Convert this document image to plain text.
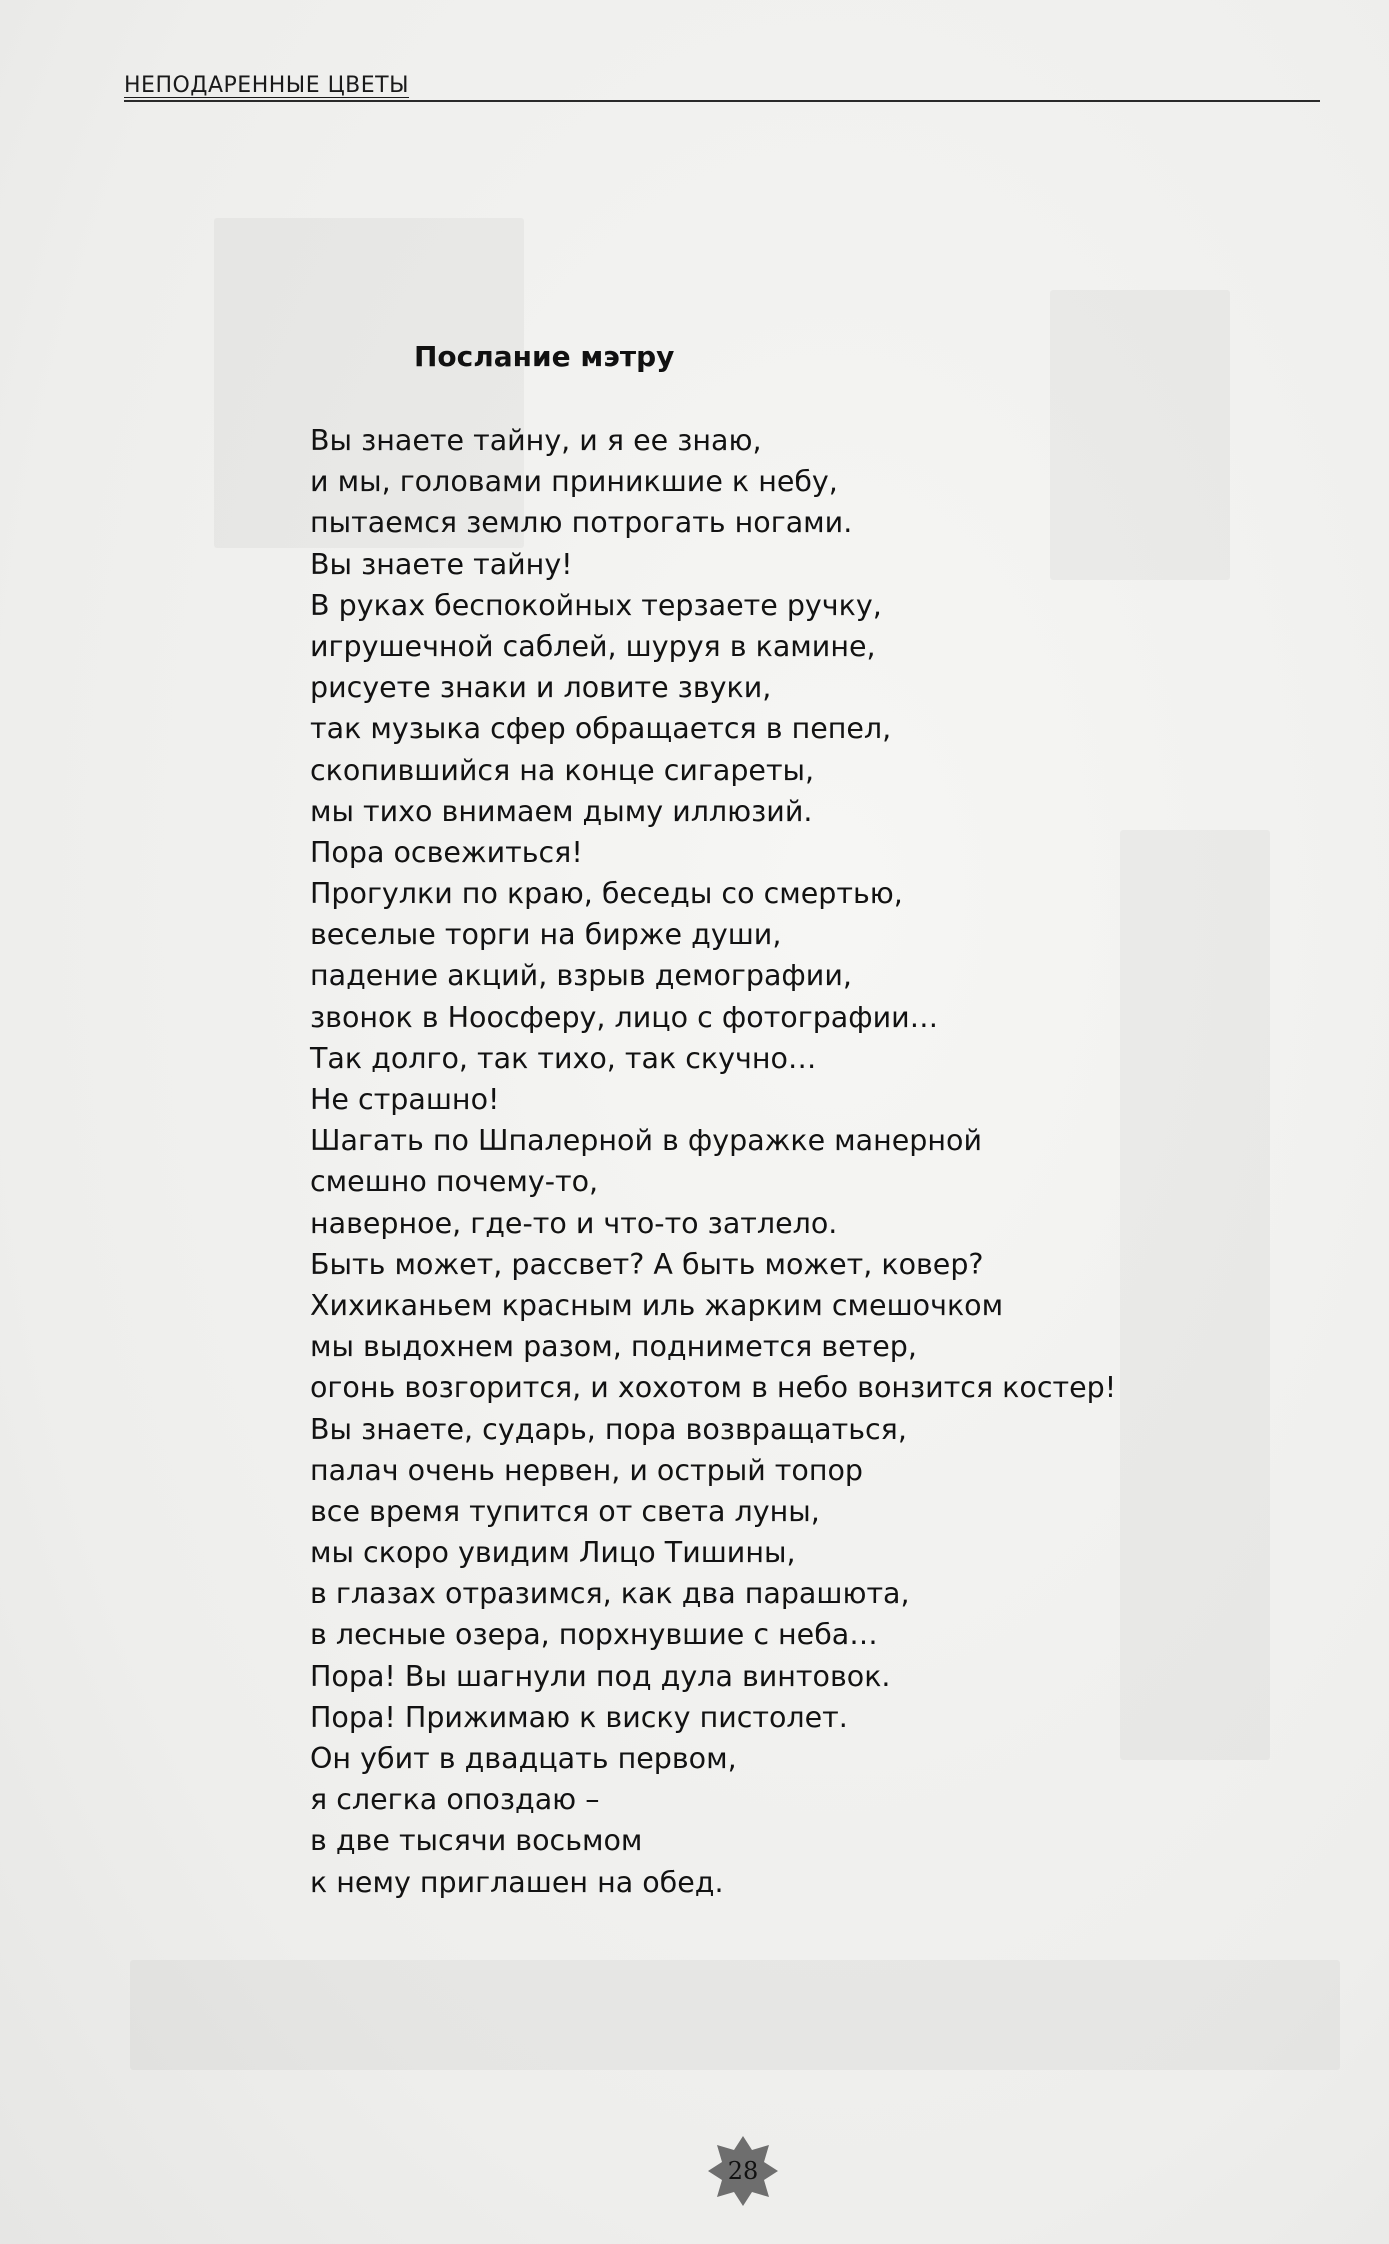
НЕПОДАРЕННЫЕ ЦВЕТЫ
Послание мэтру
Вы знаете тайну, и я ее знаю,
и мы, головами приникшие к небу,
пытаемся землю потрогать ногами.
Вы знаете тайну!
В руках беспокойных терзаете ручку,
игрушечной саблей, шуруя в камине,
рисуете знаки и ловите звуки,
так музыка сфер обращается в пепел,
скопившийся на конце сигареты,
мы тихо внимаем дыму иллюзий.
Пора освежиться!
Прогулки по краю, беседы со смертью,
веселые торги на бирже души,
падение акций, взрыв демографии,
звонок в Ноосферу, лицо с фотографии…
Так долго, так тихо, так скучно…
Не страшно!
Шагать по Шпалерной в фуражке манерной
смешно почему-то,
наверное, где-то и что-то затлело.
Быть может, рассвет? А быть может, ковер?
Хихиканьем красным иль жарким смешочком
мы выдохнем разом, поднимется ветер,
огонь возгорится, и хохотом в небо вонзится костер!
Вы знаете, сударь, пора возвращаться,
палач очень нервен, и острый топор
все время тупится от света луны,
мы скоро увидим Лицо Тишины,
в глазах отразимся, как два парашюта,
в лесные озера, порхнувшие с неба…
Пора! Вы шагнули под дула винтовок.
Пора! Прижимаю к виску пистолет.
Он убит в двадцать первом,
я слегка опоздаю –
в две тысячи восьмом
к нему приглашен на обед.
28
